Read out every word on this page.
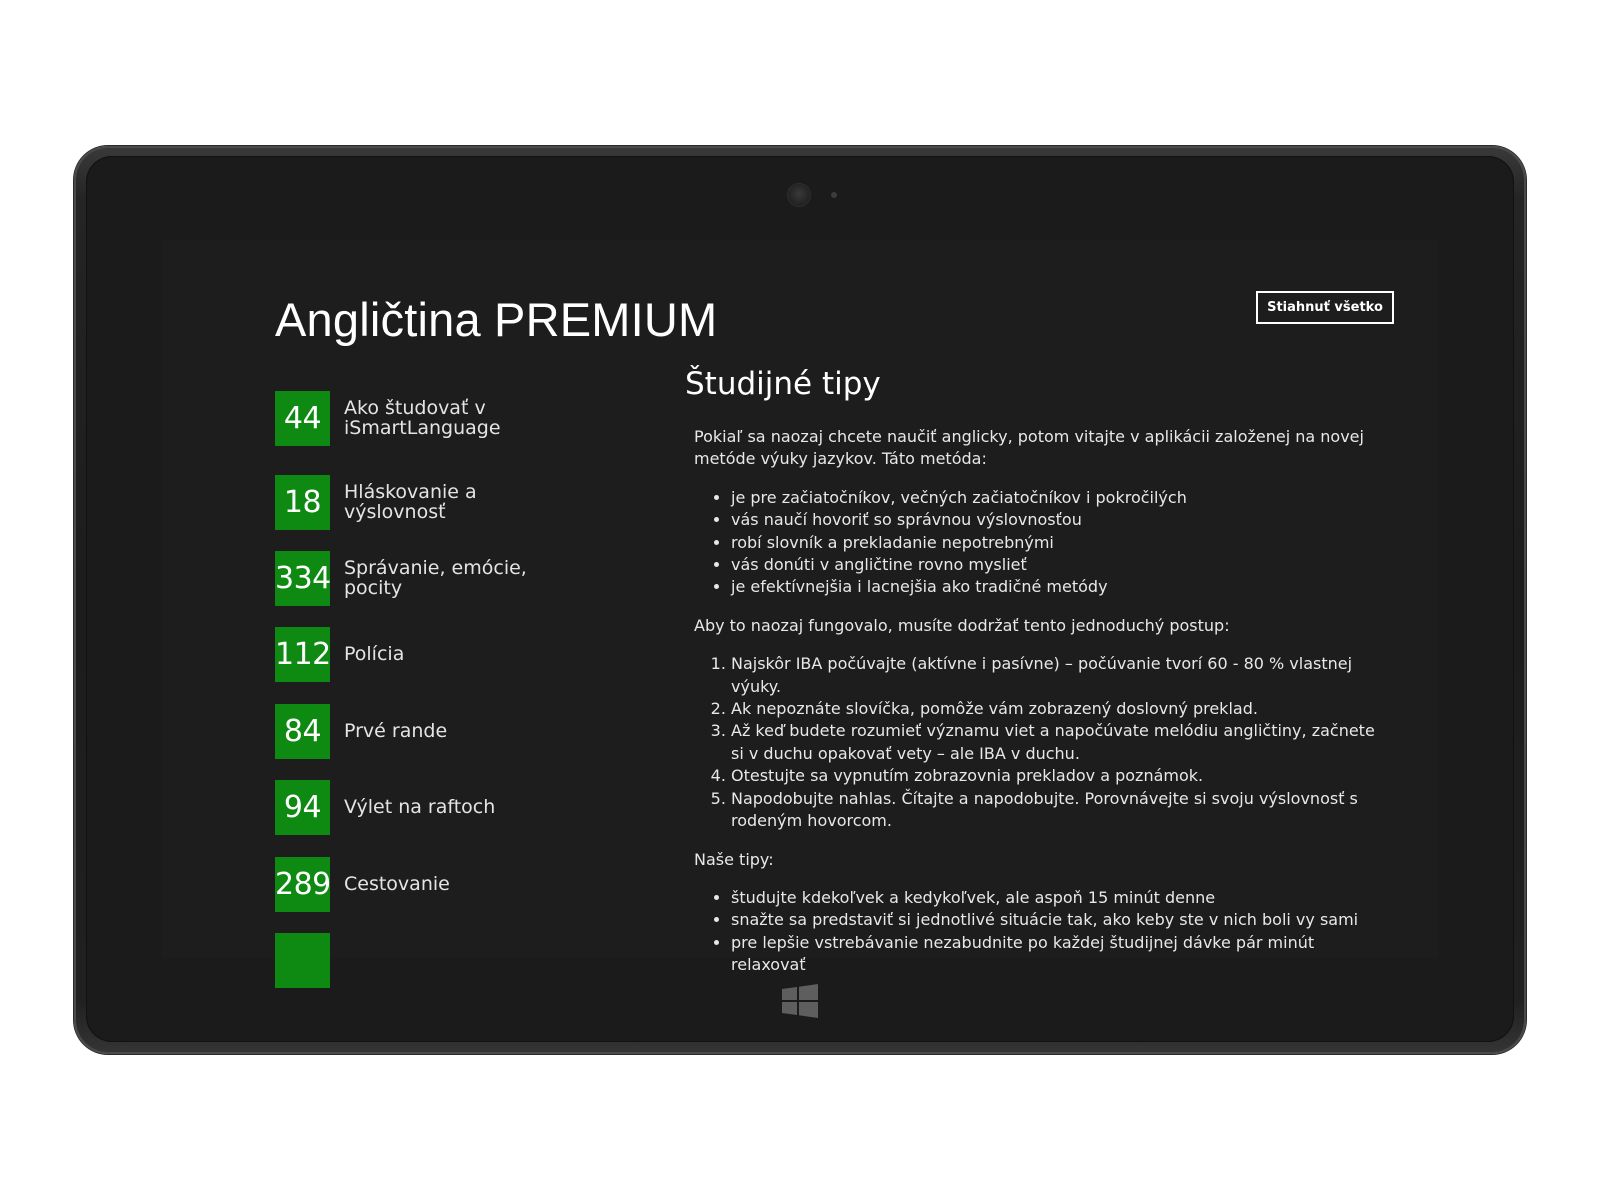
Angličtina PREMIUM	Stiahnuť všetko
44	Ako študovať v iSmartLanguage
18	Hláskovanie a výslovnosť
334 Správanie, emócie, pocity
112 Polícia
84	Prvé rande
94	Výlet na raftoch
289 Cestovanie
Študijné tipy

Pokiaľ sa naozaj chcete naučiť anglicky, potom vitajte v aplikácii založenej na novej metóde výuky jazykov. Táto metóda:

• je pre začiatočníkov, večných začiatočníkov i pokročilých
• vás naučí hovoriť so správnou výslovnosťou
• robí slovník a prekladanie nepotrebnými
• vás donúti v angličtine rovno myslieť
• je efektívnejšia i lacnejšia ako tradičné metódy

Aby to naozaj fungovalo, musíte dodržať tento jednoduchý postup:

1. Najskôr IBA počúvajte (aktívne i pasívne) – počúvanie tvorí 60 - 80 % vlastnej výuky.
2. Ak nepoznáte slovíčka, pomôže vám zobrazený doslovný preklad.
3. Až keď budete rozumieť významu viet a napočúvate melódiu angličtiny, začnete si v duchu opakovať vety – ale IBA v duchu.
4. Otestujte sa vypnutím zobrazovnia prekladov a poznámok.
5. Napodobujte nahlas. Čítajte a napodobujte. Porovnávejte si svoju výslovnosť s rodeným hovorcom.

Naše tipy:

• študujte kdekoľvek a kedykoľvek, ale aspoň 15 minút denne
• snažte sa predstaviť si jednotlivé situácie tak, ako keby ste v nich boli vy sami
• pre lepšie vstrebávanie nezabudnite po každej študijnej dávke pár minút relaxovať
